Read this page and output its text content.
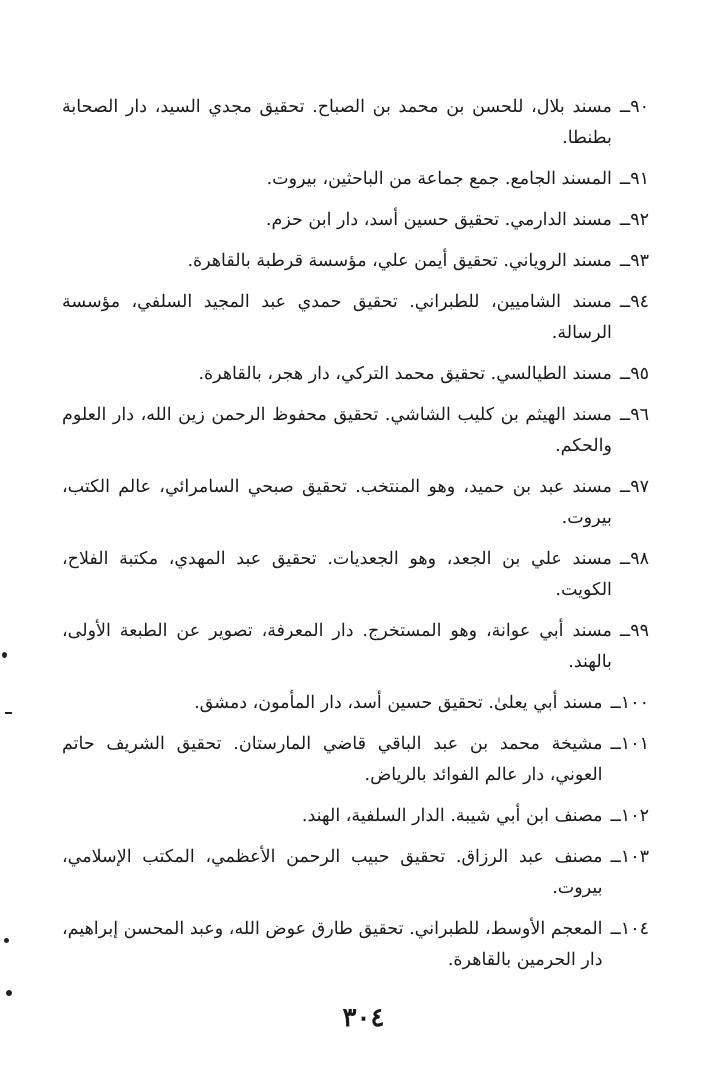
٩٠ــ
مسند بلال، للحسن بن محمد بن الصباح. تحقيق مجدي السيد، دار الصحابة بطنطا.
٩١ــ
المسند الجامع. جمع جماعة من الباحثين، بيروت.
٩٢ــ
مسند الدارمي. تحقيق حسين أسد، دار ابن حزم.
٩٣ــ
مسند الروياني. تحقيق أيمن علي، مؤسسة قرطبة بالقاهرة.
٩٤ــ
مسند الشاميين، للطبراني. تحقيق حمدي عبد المجيد السلفي، مؤسسة الرسالة.
٩٥ــ
مسند الطيالسي. تحقيق محمد التركي، دار هجر، بالقاهرة.
٩٦ــ
مسند الهيثم بن كليب الشاشي. تحقيق محفوظ الرحمن زين الله، دار العلوم والحكم.
٩٧ــ
مسند عبد بن حميد، وهو المنتخب. تحقيق صبحي السامرائي، عالم الكتب، بيروت.
٩٨ــ
مسند علي بن الجعد، وهو الجعديات. تحقيق عبد المهدي، مكتبة الفلاح، الكويت.
٩٩ــ
مسند أبي عوانة، وهو المستخرج. دار المعرفة، تصوير عن الطبعة الأولى، بالهند.
١٠٠ــ
مسند أبي يعلىٰ. تحقيق حسين أسد، دار المأمون، دمشق.
١٠١ــ
مشيخة محمد بن عبد الباقي قاضي المارستان. تحقيق الشريف حاتم العوني، دار عالم الفوائد بالرياض.
١٠٢ــ
مصنف ابن أبي شيبة. الدار السلفية، الهند.
١٠٣ــ
مصنف عبد الرزاق. تحقيق حبيب الرحمن الأعظمي، المكتب الإسلامي، بيروت.
١٠٤ــ
المعجم الأوسط، للطبراني. تحقيق طارق عوض الله، وعبد المحسن إبراهيم، دار الحرمين بالقاهرة.
٣٠٤
